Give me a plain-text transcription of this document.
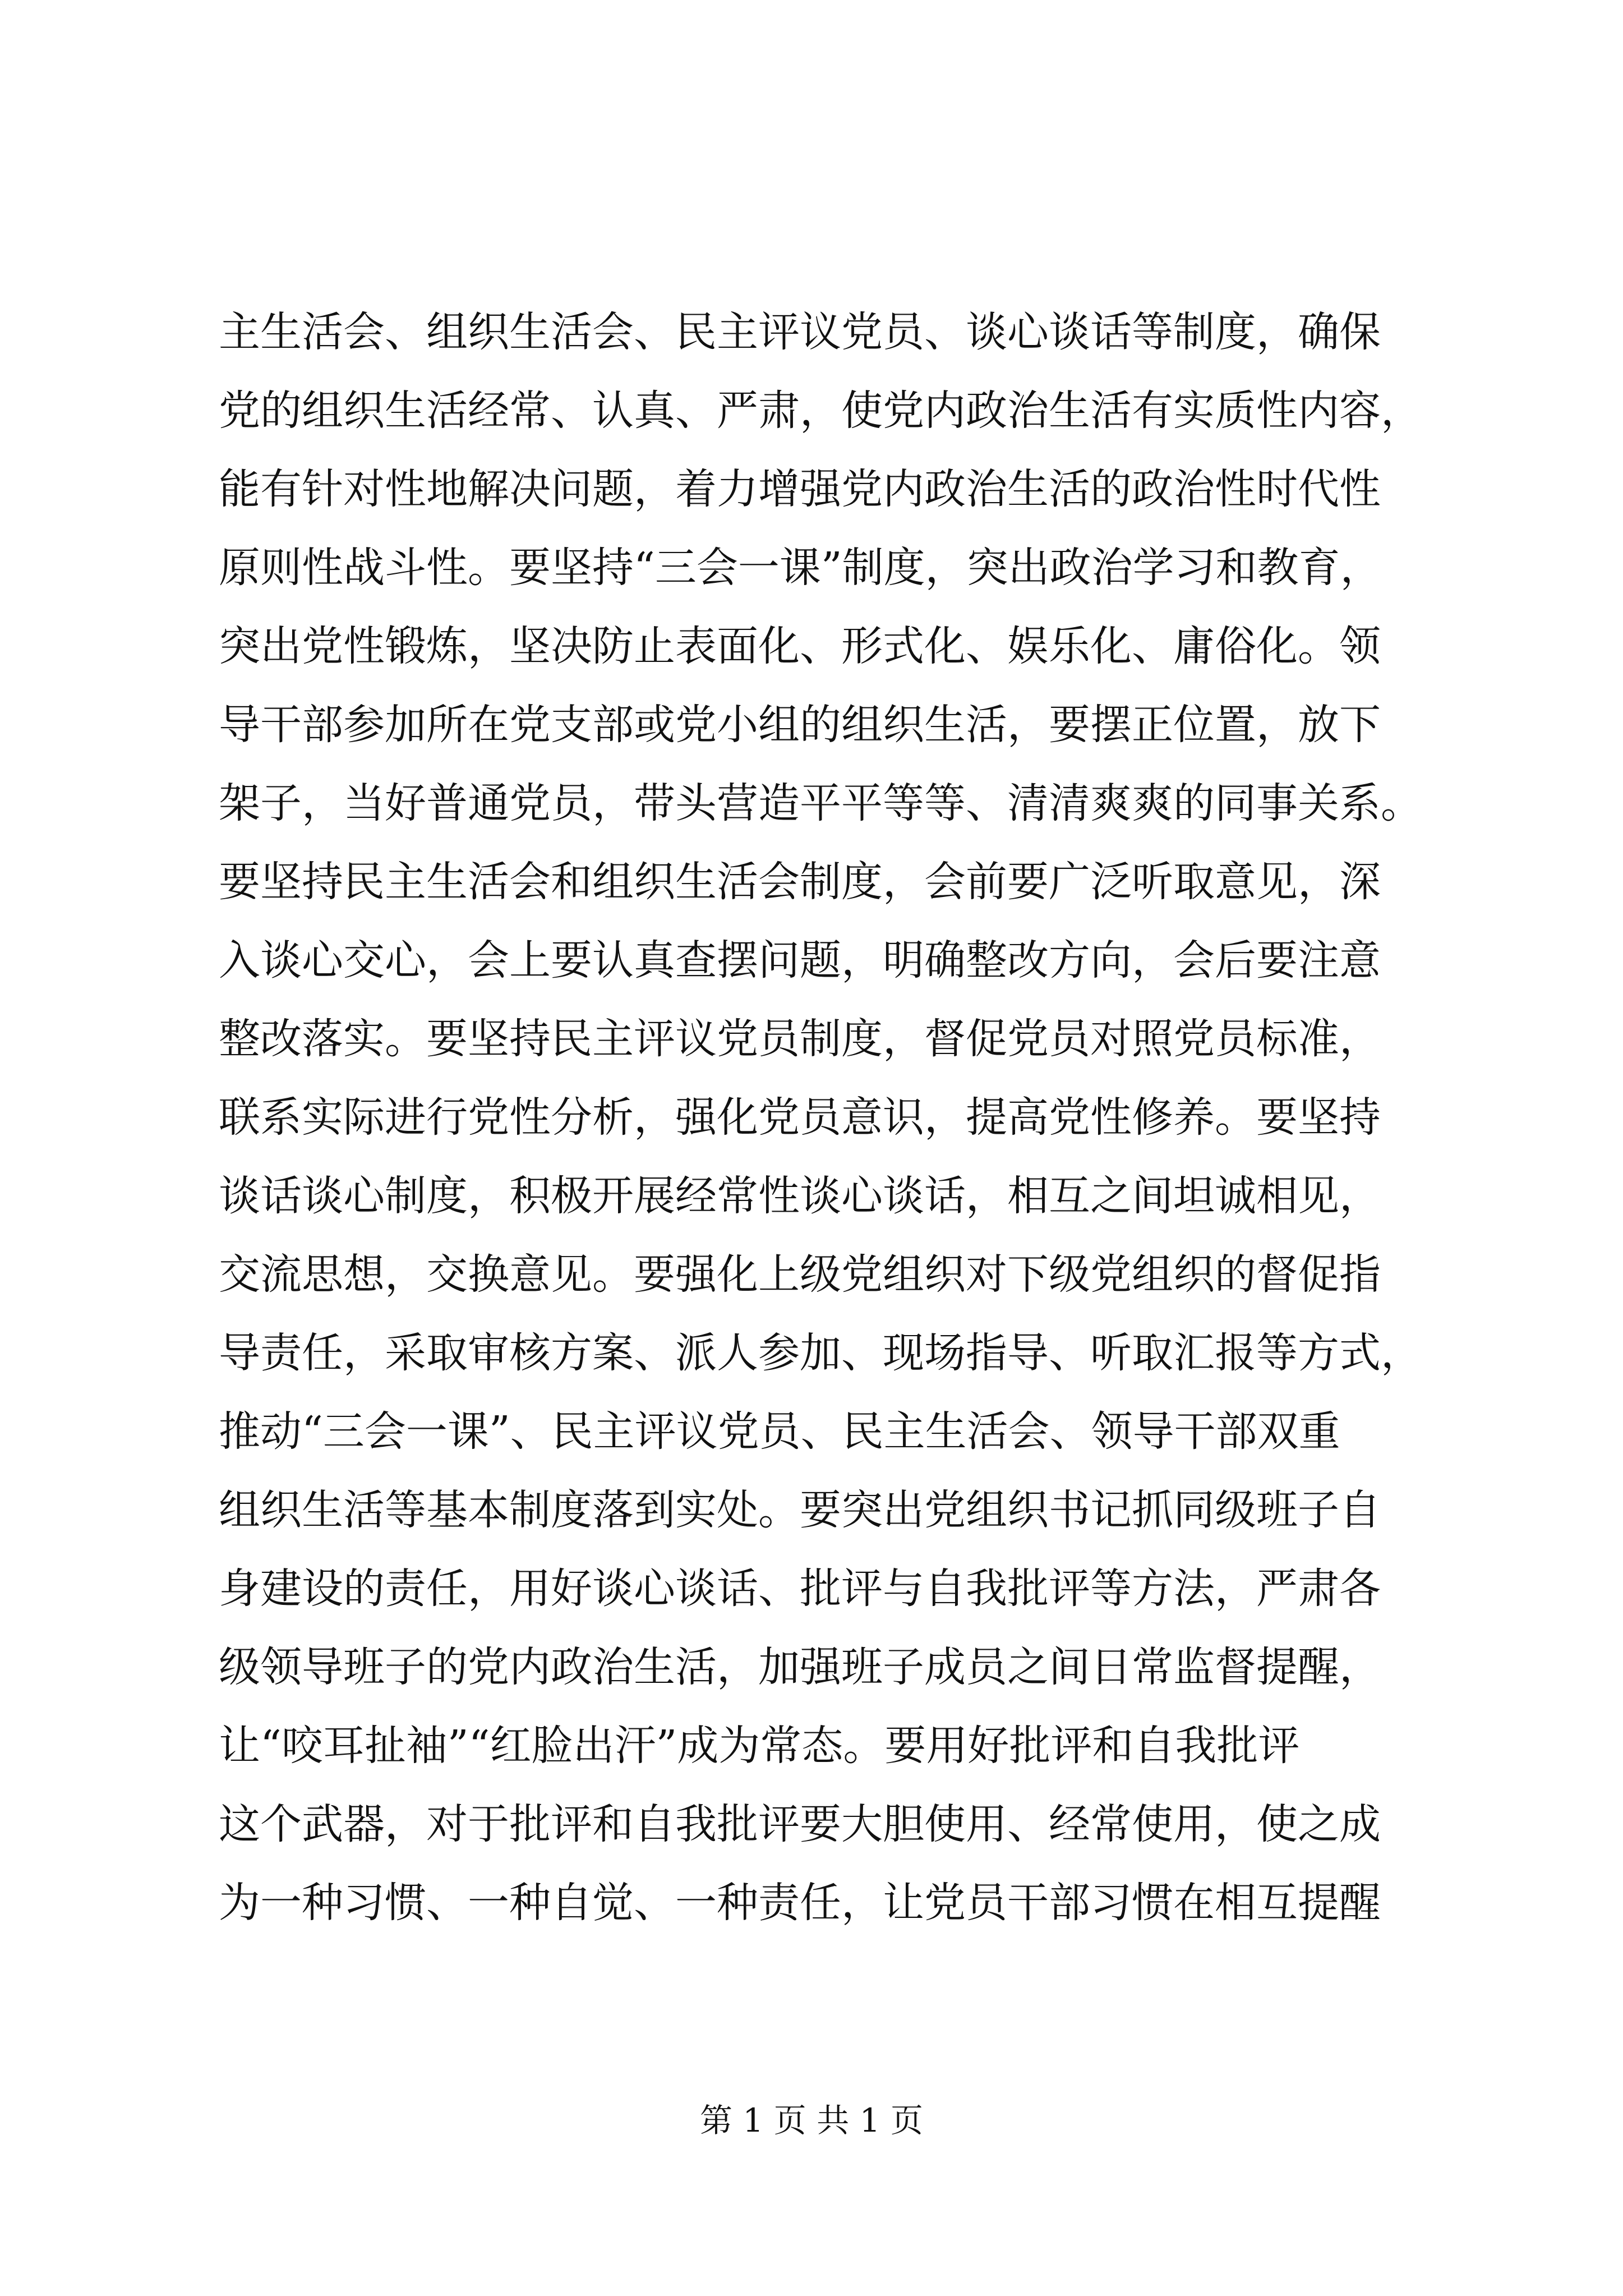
主生活会、组织生活会、民主评议党员、谈心谈话等制度，确保
党的组织生活经常、认真、严肃，使党内政治生活有实质性内容，
能有针对性地解决问题，着力增强党内政治生活的政治性时代性
原则性战斗性。要坚持“三会一课”制度，突出政治学习和教育，
突出党性锻炼，坚决防止表面化、形式化、娱乐化、庸俗化。领
导干部参加所在党支部或党小组的组织生活，要摆正位置，放下
架子，当好普通党员，带头营造平平等等、清清爽爽的同事关系。
要坚持民主生活会和组织生活会制度，会前要广泛听取意见，深
入谈心交心，会上要认真查摆问题，明确整改方向，会后要注意
整改落实。要坚持民主评议党员制度，督促党员对照党员标准，
联系实际进行党性分析，强化党员意识，提高党性修养。要坚持
谈话谈心制度，积极开展经常性谈心谈话，相互之间坦诚相见，
交流思想，交换意见。要强化上级党组织对下级党组织的督促指
导责任，采取审核方案、派人参加、现场指导、听取汇报等方式，
推动“三会一课”、民主评议党员、民主生活会、领导干部双重
组织生活等基本制度落到实处。要突出党组织书记抓同级班子自
身建设的责任，用好谈心谈话、批评与自我批评等方法，严肃各
级领导班子的党内政治生活，加强班子成员之间日常监督提醒，
让“咬耳扯袖”“红脸出汗”成为常态。要用好批评和自我批评
这个武器，对于批评和自我批评要大胆使用、经常使用，使之成
为一种习惯、一种自觉、一种责任，让党员干部习惯在相互提醒
第 1 页 共 1 页
